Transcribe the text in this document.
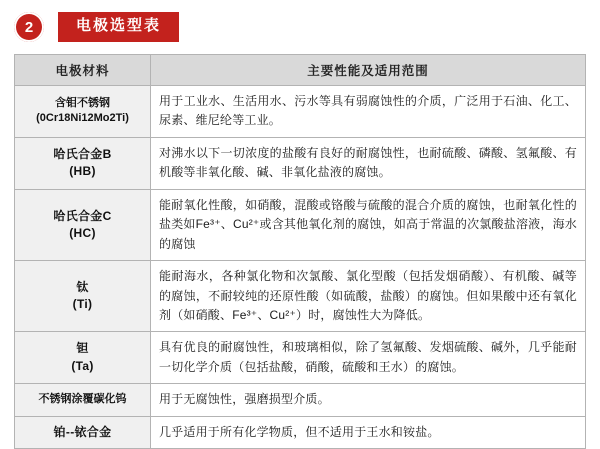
2	电极选型表
电极材料	主要性能及适用范围

含钼不锈钢
(0Cr18Ni12Mo2Ti)	用于工业水、生活用水、污水等具有弱腐蚀性的介质，广泛用于石油、化工、尿素、维尼纶等工业。

哈氏合金B
(HB)	对沸水以下一切浓度的盐酸有良好的耐腐蚀性，也耐硫酸、磷酸、氢氟酸、有机酸等非氧化酸、碱、非氧化盐液的腐蚀。

哈氏合金C
(HC)	能耐氧化性酸，如硝酸，混酸或铬酸与硫酸的混合介质的腐蚀，也耐氧化性的盐类如Fe³⁺、Cu²⁺或含其他氧化剂的腐蚀，如高于常温的次氯酸盐溶液，海水的腐蚀

钛
(Ti)	能耐海水，各种氯化物和次氯酸、氯化型酸（包括发烟硝酸）、有机酸、碱等的腐蚀，不耐较纯的还原性酸（如硫酸，盐酸）的腐蚀。但如果酸中还有氧化剂（如硝酸、Fe³⁺、Cu²⁺）时，腐蚀性大为降低。

钽
(Ta)	具有优良的耐腐蚀性，和玻璃相似，除了氢氟酸、发烟硫酸、碱外，几乎能耐一切化学介质（包括盐酸，硝酸，硫酸和王水）的腐蚀。

不锈钢涂覆碳化钨	用于无腐蚀性，强磨损型介质。

铂--铱合金	几乎适用于所有化学物质，但不适用于王水和铵盐。
